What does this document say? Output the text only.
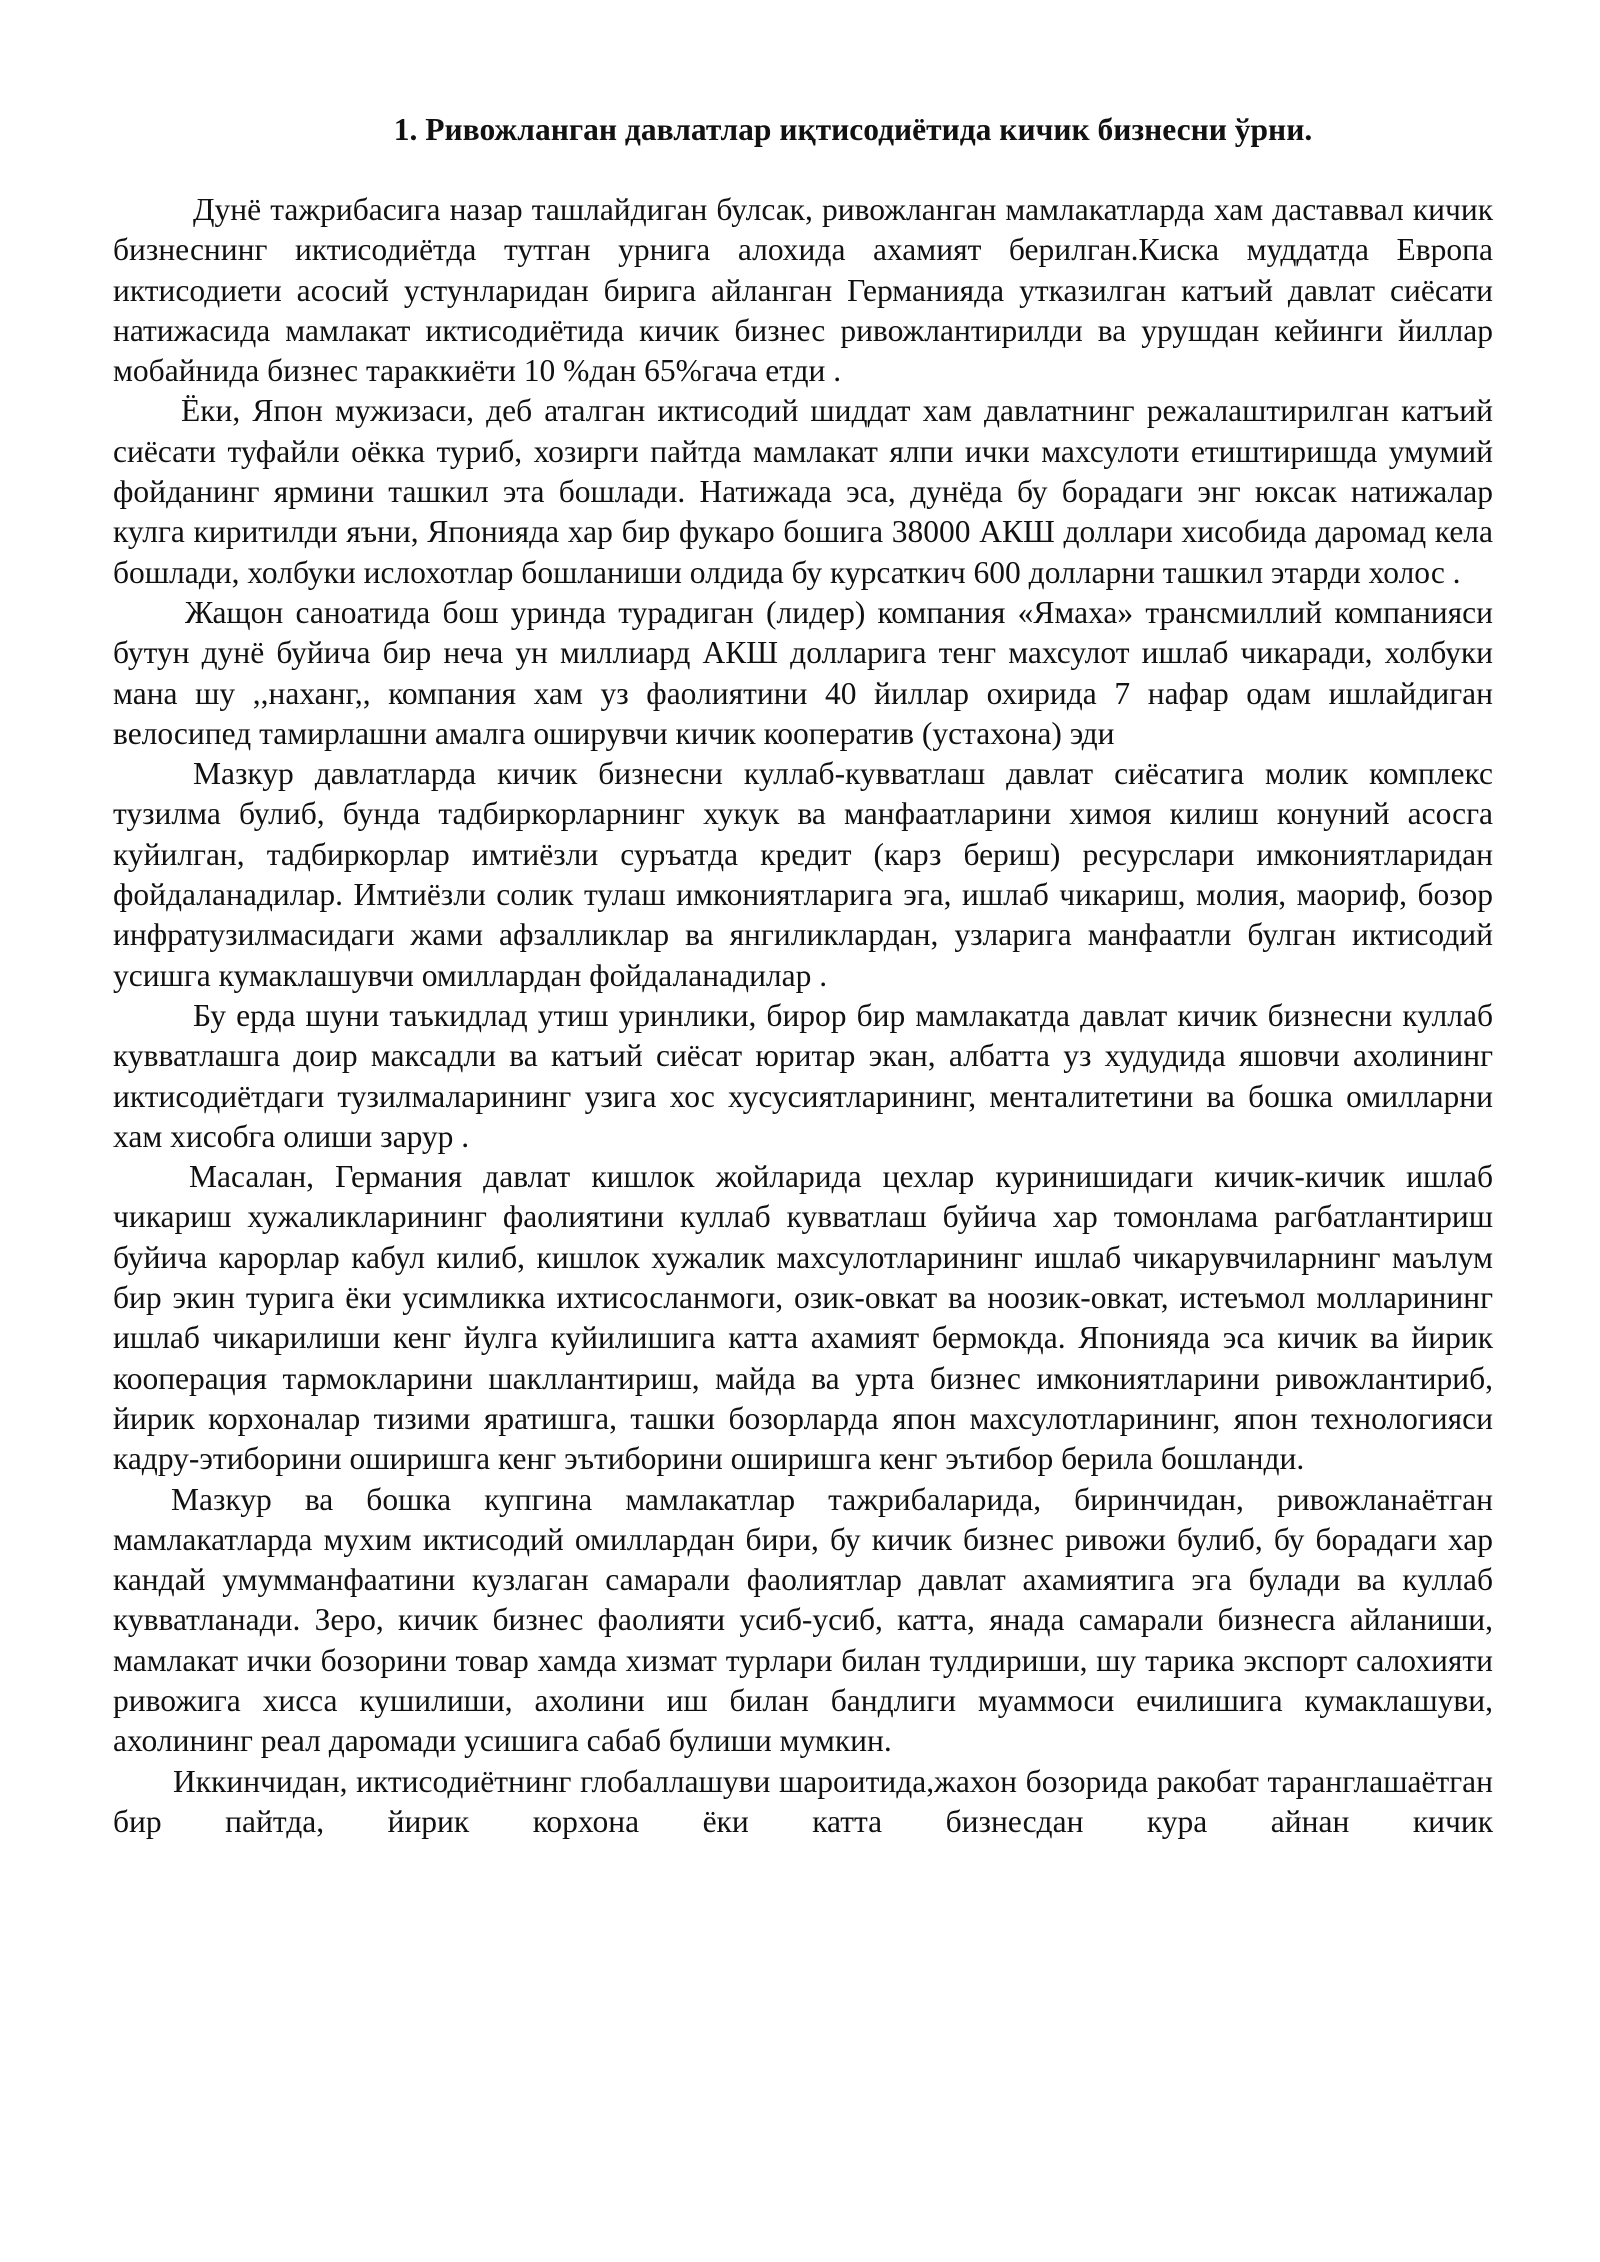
1. Ривожланган давлатлар иқтисодиётида кичик бизнесни ўрни.

Дунё тажрибасига назар ташлайдиган булсак, ривожланган мамлакатларда хам даставвал кичик бизнеснинг иктисодиётда тутган урнига алохида ахамият берилган.Киска муддатда Европа иктисодиети асосий устунларидан бирига айланган Германияда утказилган катъий давлат сиёсати натижасида мамлакат иктисодиётида кичик бизнес ривожлантирилди ва урушдан кейинги йиллар мобайнида бизнес тараккиёти 10 %дан 65%гача етди .

Ёки, Япон мужизаси, деб аталган иктисодий шиддат хам давлатнинг режалаштирилган катъий сиёсати туфайли оёкка туриб, хозирги пайтда мамлакат ялпи ички махсулоти етиштиришда умумий фойданинг ярмини ташкил эта бошлади. Натижада эса, дунёда бу борадаги энг юксак натижалар кулга киритилди яъни, Японияда хар бир фукаро бошига 38000 АКШ доллари хисобида даромад кела бошлади, холбуки ислохотлар бошланиши олдида бу курсаткич 600 долларни ташкил этарди холос .

Жащон саноатида бош уринда турадиган (лидер) компания «Ямаха» трансмиллий компанияси бутун дунё буйича бир неча ун миллиард АКШ долларига тенг махсулот ишлаб чикаради, холбуки мана шу ,,наханг,, компания хам уз фаолиятини 40 йиллар охирида 7 нафар одам ишлайдиган велосипед тамирлашни амалга оширувчи кичик кооператив (устахона) эди

Мазкур давлатларда кичик бизнесни куллаб-кувватлаш давлат сиёсатига молик комплекс тузилма булиб, бунда тадбиркорларнинг хукук ва манфаатларини химоя килиш конуний асосга куйилган, тадбиркорлар имтиёзли суръатда кредит (карз бериш) ресурслари имкониятларидан фойдаланадилар. Имтиёзли солик тулаш имкониятларига эга, ишлаб чикариш, молия, маориф, бозор инфратузилмасидаги жами афзалликлар ва янгиликлардан, узларига манфаатли булган иктисодий усишга кумаклашувчи омиллардан фойдаланадилар .

Бу ерда шуни таъкидлад утиш уринлики, бирор бир мамлакатда давлат кичик бизнесни куллаб кувватлашга доир максадли ва катъий сиёсат юритар экан, албатта уз худудида яшовчи ахолининг иктисодиётдаги тузилмаларининг узига хос хусусиятларининг, менталитетини ва бошка омилларни хам хисобга олиши зарур .

Масалан, Германия давлат кишлок жойларида цехлар куринишидаги кичик-кичик ишлаб чикариш хужаликларининг фаолиятини куллаб кувватлаш буйича хар томонлама рагбатлантириш буйича карорлар кабул килиб, кишлок хужалик махсулотларининг ишлаб чикарувчиларнинг маълум бир экин турига ёки усимликка ихтисосланмоги, озик-овкат ва ноозик-овкат, истеъмол молларининг ишлаб чикарилиши кенг йулга куйилишига катта ахамият бермокда. Японияда эса кичик ва йирик кооперация тармокларини шакллантириш, майда ва урта бизнес имкониятларини ривожлантириб, йирик корхоналар тизими яратишга, ташки бозорларда япон махсулотларининг, япон технологияси кадру-этиборини оширишга кенг эътиборини оширишга кенг эътибор берила бошланди.

Мазкур ва бошка купгина мамлакатлар тажрибаларида, биринчидан, ривожланаётган мамлакатларда мухим иктисодий омиллардан бири, бу кичик бизнес ривожи булиб, бу борадаги хар кандай умумманфаатини кузлаган самарали фаолиятлар давлат ахамиятига эга булади ва куллаб кувватланади. Зеро, кичик бизнес фаолияти усиб-усиб, катта, янада самарали бизнесга айланиши, мамлакат ички бозорини товар хамда хизмат турлари билан тулдириши, шу тарика экспорт салохияти ривожига хисса кушилиши, ахолини иш билан бандлиги муаммоси ечилишига кумаклашуви, ахолининг реал даромади усишига сабаб булиши мумкин.

Иккинчидан, иктисодиётнинг глобаллашуви шароитида,жахон бозорида ракобат таранглашаётган бир пайтда, йирик корхона ёки катта бизнесдан кура айнан кичик
